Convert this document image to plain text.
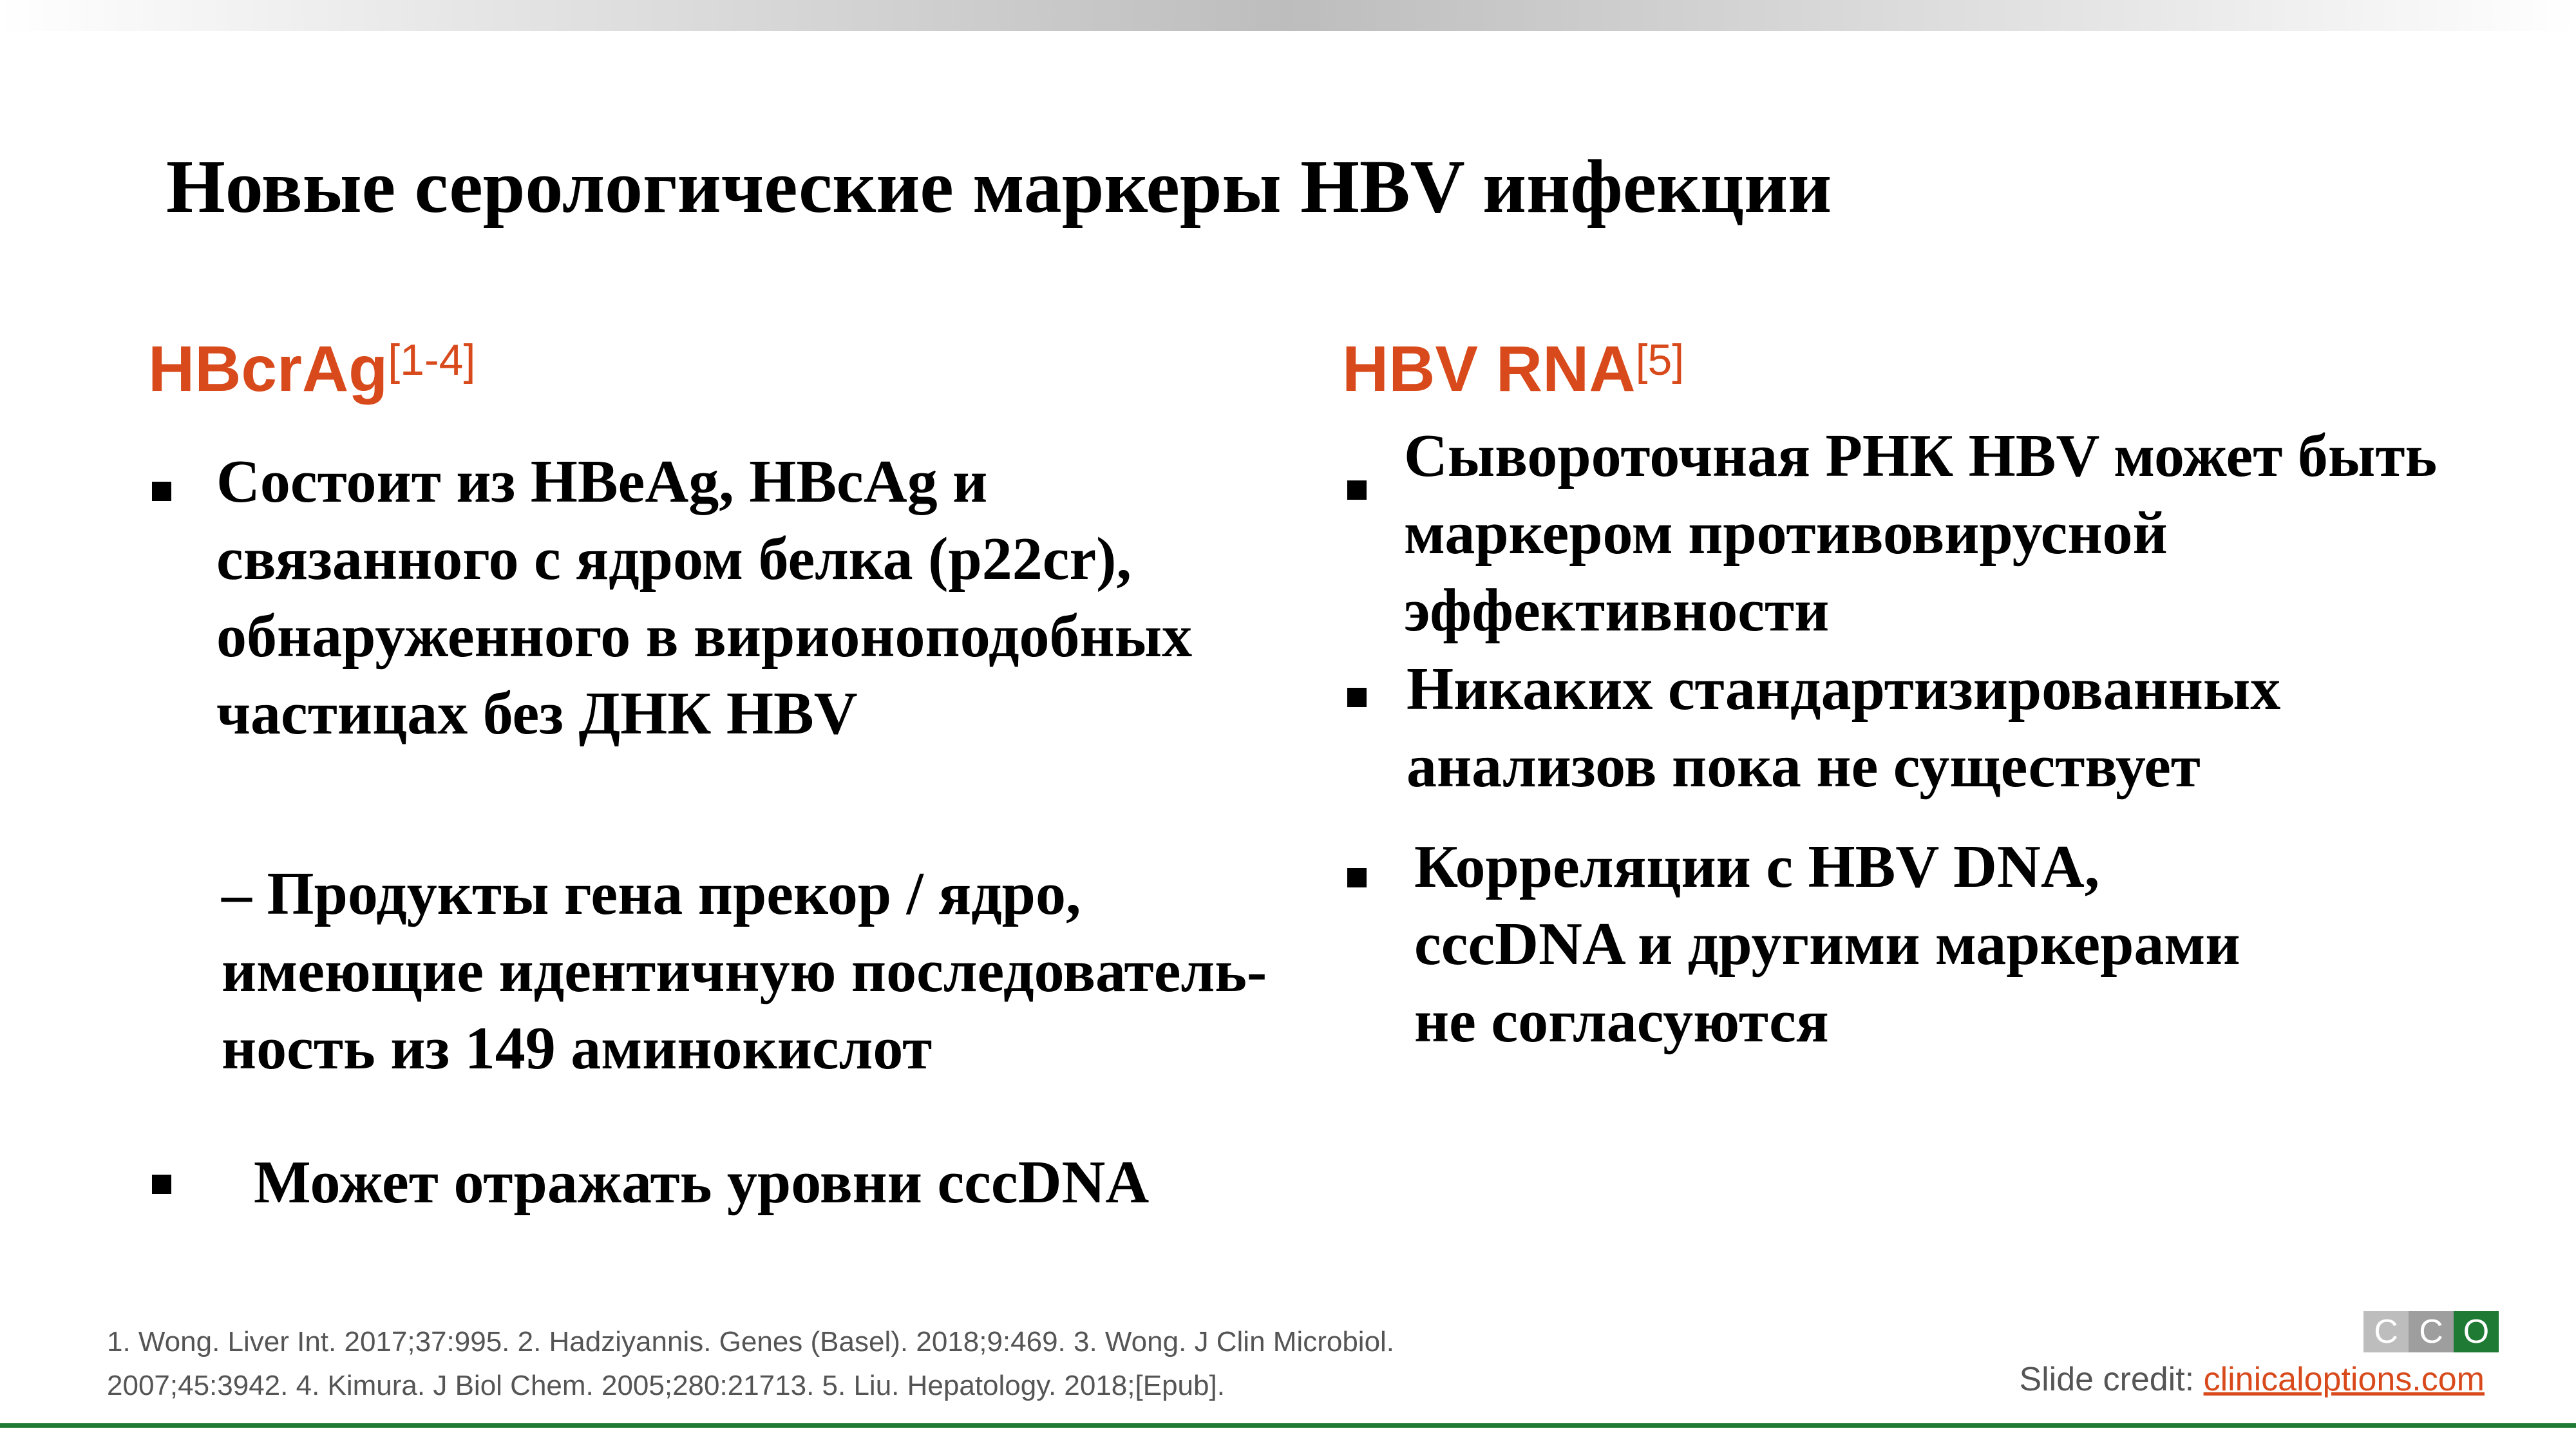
Новые серологические маркеры HBV инфекции
HBcrAg[1-4]
Состоит из HBeAg, HBcAg и
связанного с ядром белка (p22cr),
обнаруженного в вирионоподобных
частицах без ДНК HBV
– Продукты гена прекор / ядро,
имеющие идентичную последователь-
ность из 149 аминокислот
Может отражать уровни cccDNA
HBV RNA[5]
Сывороточная РНК HBV может быть
маркером противовирусной
эффективности
Никаких стандартизированных
анализов пока не существует
Корреляции с HBV DNA,
cccDNA и другими маркерами
не согласуются
1. Wong. Liver Int. 2017;37:995. 2. Hadziyannis. Genes (Basel). 2018;9:469. 3. Wong. J Clin Microbiol.
2007;45:3942. 4. Kimura. J Biol Chem. 2005;280:21713. 5. Liu. Hepatology. 2018;[Epub].
C C O
Slide credit: clinicaloptions.com
